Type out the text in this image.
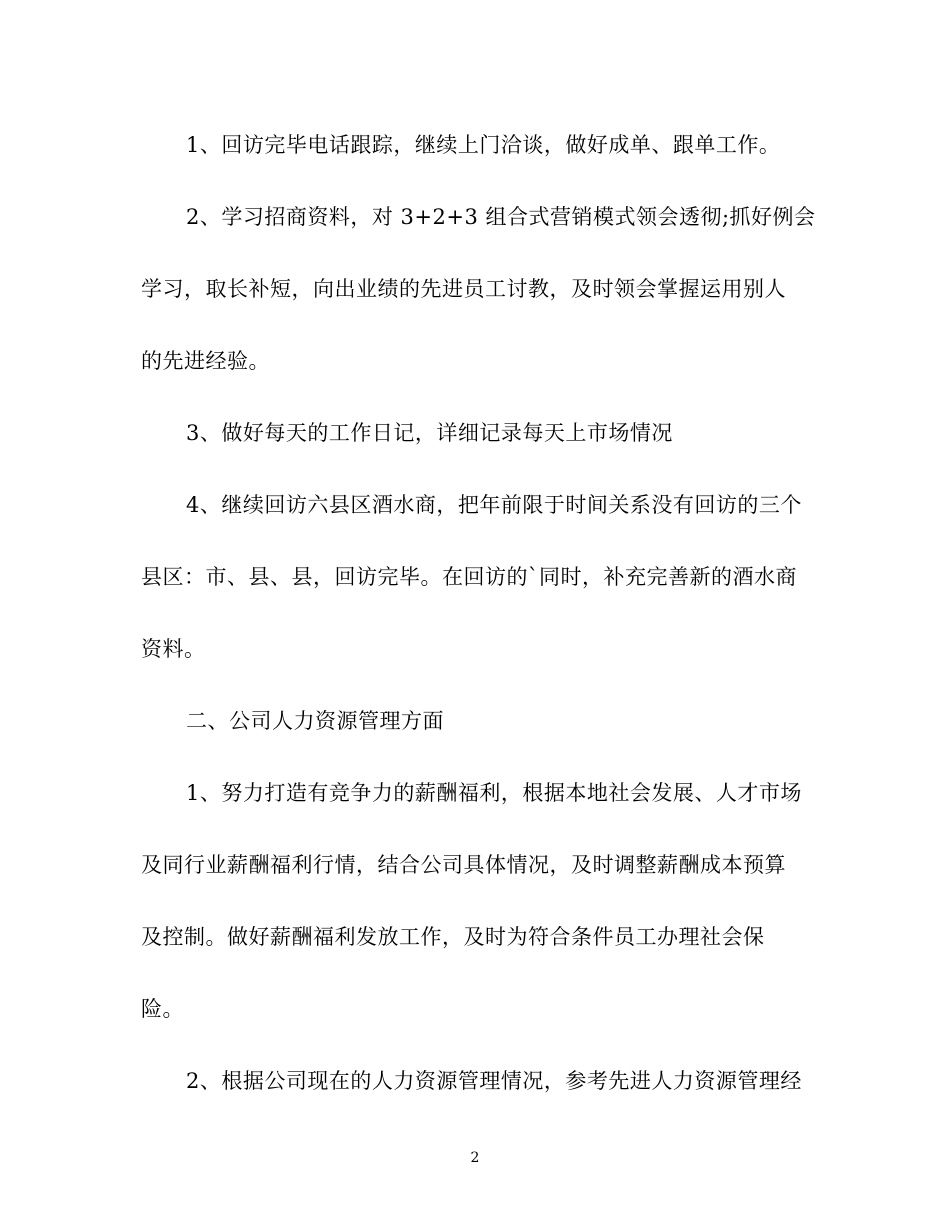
1、回访完毕电话跟踪，继续上门洽谈，做好成单、跟单工作。
2、学习招商资料，对 3+2+3 组合式营销模式领会透彻;抓好例会
学习，取长补短，向出业绩的先进员工讨教，及时领会掌握运用别人
的先进经验。
3、做好每天的工作日记，详细记录每天上市场情况
4、继续回访六县区酒水商，把年前限于时间关系没有回访的三个
县区：市、县、县，回访完毕。在回访的`同时，补充完善新的酒水商
资料。
二、公司人力资源管理方面
1、努力打造有竞争力的薪酬福利，根据本地社会发展、人才市场
及同行业薪酬福利行情，结合公司具体情况，及时调整薪酬成本预算
及控制。做好薪酬福利发放工作，及时为符合条件员工办理社会保
险。
2、根据公司现在的人力资源管理情况，参考先进人力资源管理经
2
